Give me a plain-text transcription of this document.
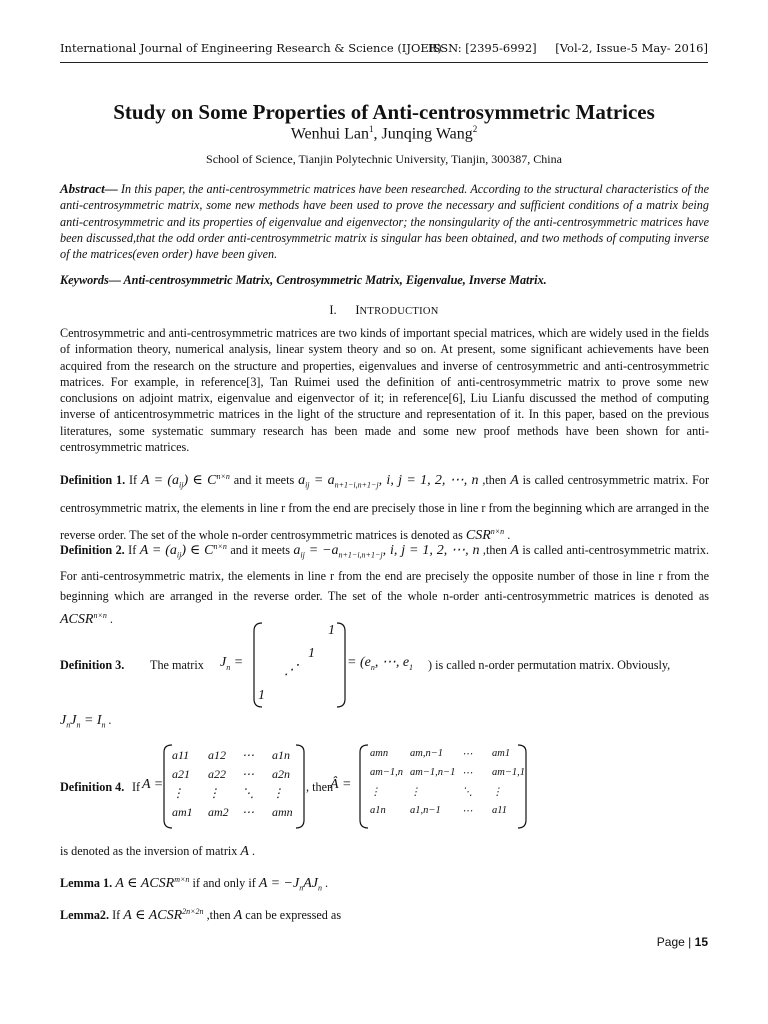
International Journal of Engineering Research & Science (IJOER)
ISSN: [2395-6992] [Vol-2, Issue-5 May- 2016]
Study on Some Properties of Anti-centrosymmetric Matrices
Wenhui Lan$^1$, Junqing Wang$^2$
School of Science, Tianjin Polytechnic University, Tianjin, 300387, China
Abstract— In this paper, the anti-centrosymmetric matrices have been researched. According to the structural characteristics of the anti-centrosymmetric matrix, some new methods have been used to prove the necessary and sufficient conditions of a matrix being anti-centrosymmetric and its properties of eigenvalue and eigenvector; the nonsingularity of the anti-centrosymmetric matrices have been discussed,that the odd order anti-centrosymmetric matrix is singular has been obtained, and two methods of computing inverse of the matrices(even order) have been given.
Keywords— Anti-centrosymmetric Matrix, Centrosymmetric Matrix, Eigenvalue, Inverse Matrix.
I. INTRODUCTION
Centrosymmetric and anti-centrosymmetric matrices are two kinds of important special matrices, which are widely used in the fields of information theory, numerical analysis, linear system theory and so on. At present, some significant achievements have been acquired from the research on the structure and properties, eigenvalues and inverse of centrosymmetric and anti-centrosymmetric matrices. For example, in reference[3], Tan Ruimei used the definition of anti-centrosymmetric matrix to prove some new conclusions on adjoint matrix, eigenvalue and eigenvector of it; in reference[6], Liu Lianfu discussed the method of computing inverse of anticentrosymmetric matrices in the light of the structure and representation of it. In this paper, based on the previous literatures, some systematic summary research has been made and some new proof methods have been shown for anti-centrosymmetric matrices.
Definition 1. If $A = (a_{ij})$ ∈ $C^{n\times n}$ and it meets $a_{ij} = a_{n+1-i,n+1-j}$, i, j = 1, 2, ⋯, n ,then A is called centrosymmetric matrix. For centrosymmetric matrix, the elements in line r from the end are precisely those in line r from the beginning which are arranged in the reverse order. The set of the whole n-order centrosymmetric matrices is denoted as $CSR^{n\times n}$ .
Definition 2. If $A = (a_{ij})$ ∈ $C^{n\times n}$ and it meets $a_{ij} = -a_{n+1-i,n+1-j}$, i, j = 1, 2, ⋯, n ,then A is called anti-centrosymmetric matrix. For anti-centrosymmetric matrix, the elements in line r from the end are precisely the opposite number of those in line r from the beginning which are arranged in the reverse order. The set of the whole n-order anti-centrosymmetric matrices is denoted as $ACSR^{n\times n}$ .
Definition 3. The matrix $J_n$ =
1
1
⋰
1
= ($e_n$, ⋯, $e_1$ ) is called n-order permutation matrix. Obviously,
$J_nJ_n = I_n$ .
Definition 4. If A =	, then
Â =
a11	a12	⋯	a1n
a21	a22	⋯	a2n
⋮	⋮	⋱	⋮
am1	am2	⋯	amn
amn	am,n−1	⋯	am1
am−1,n am−1,n−1 ⋯	am−1,1
⋮	⋮	⋱	⋮
a1n	a1,n−1	⋯	a11
is denoted as the inversion of matrix A .
Lemma 1. A ∈ $ACSR^{m\times n}$ if and only if $A = -J_nAJ_n$ .
Lemma2. If A ∈ $ACSR^{2n\times 2n}$ ,then A can be expressed as
Page | 15
